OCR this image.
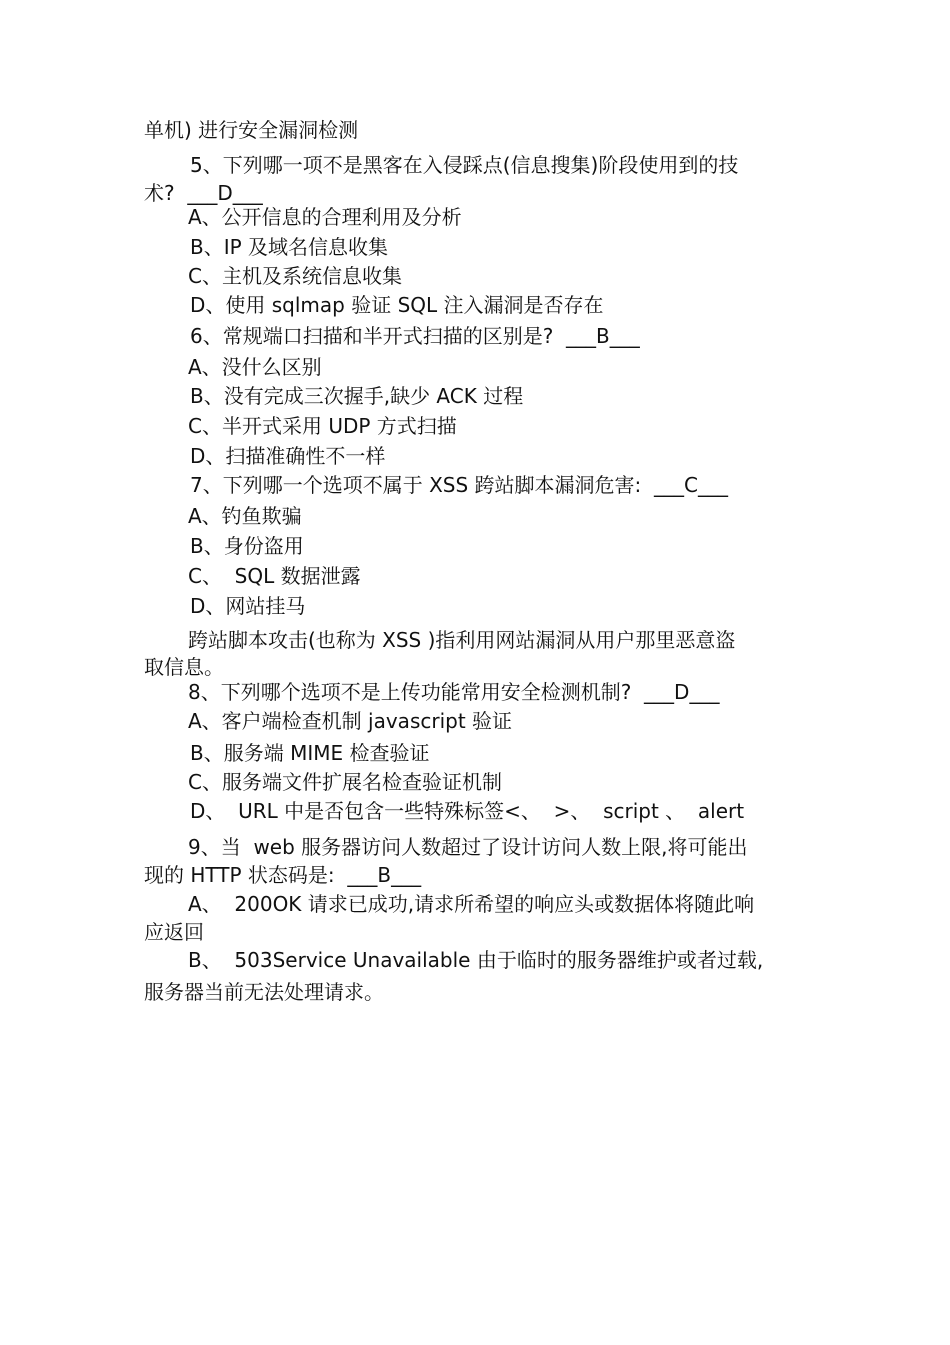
单机) 进行安全漏洞检测
5、下列哪一项不是黑客在入侵踩点(信息搜集)阶段使用到的技
术?  ___D___
A、公开信息的合理利用及分析
B、IP 及域名信息收集
C、主机及系统信息收集
D、使用 sqlmap 验证 SQL 注入漏洞是否存在
6、常规端口扫描和半开式扫描的区别是?  ___B___
A、没什么区别
B、没有完成三次握手,缺少 ACK 过程
C、半开式采用 UDP 方式扫描
D、扫描准确性不一样
7、下列哪一个选项不属于 XSS 跨站脚本漏洞危害:  ___C___
A、钓鱼欺骗
B、身份盗用
C、  SQL 数据泄露
D、网站挂马
跨站脚本攻击(也称为 XSS )指利用网站漏洞从用户那里恶意盗
取信息。
8、下列哪个选项不是上传功能常用安全检测机制?  ___D___
A、客户端检查机制 javascript 验证
B、服务端 MIME 检查验证
C、服务端文件扩展名检查验证机制
D、  URL 中是否包含一些特殊标签<、  >、  script 、  alert
9、当  web 服务器访问人数超过了设计访问人数上限,将可能出
现的 HTTP 状态码是:  ___B___
A、  200OK 请求已成功,请求所希望的响应头或数据体将随此响
应返回
B、  503Service Unavailable 由于临时的服务器维护或者过载,
服务器当前无法处理请求。
